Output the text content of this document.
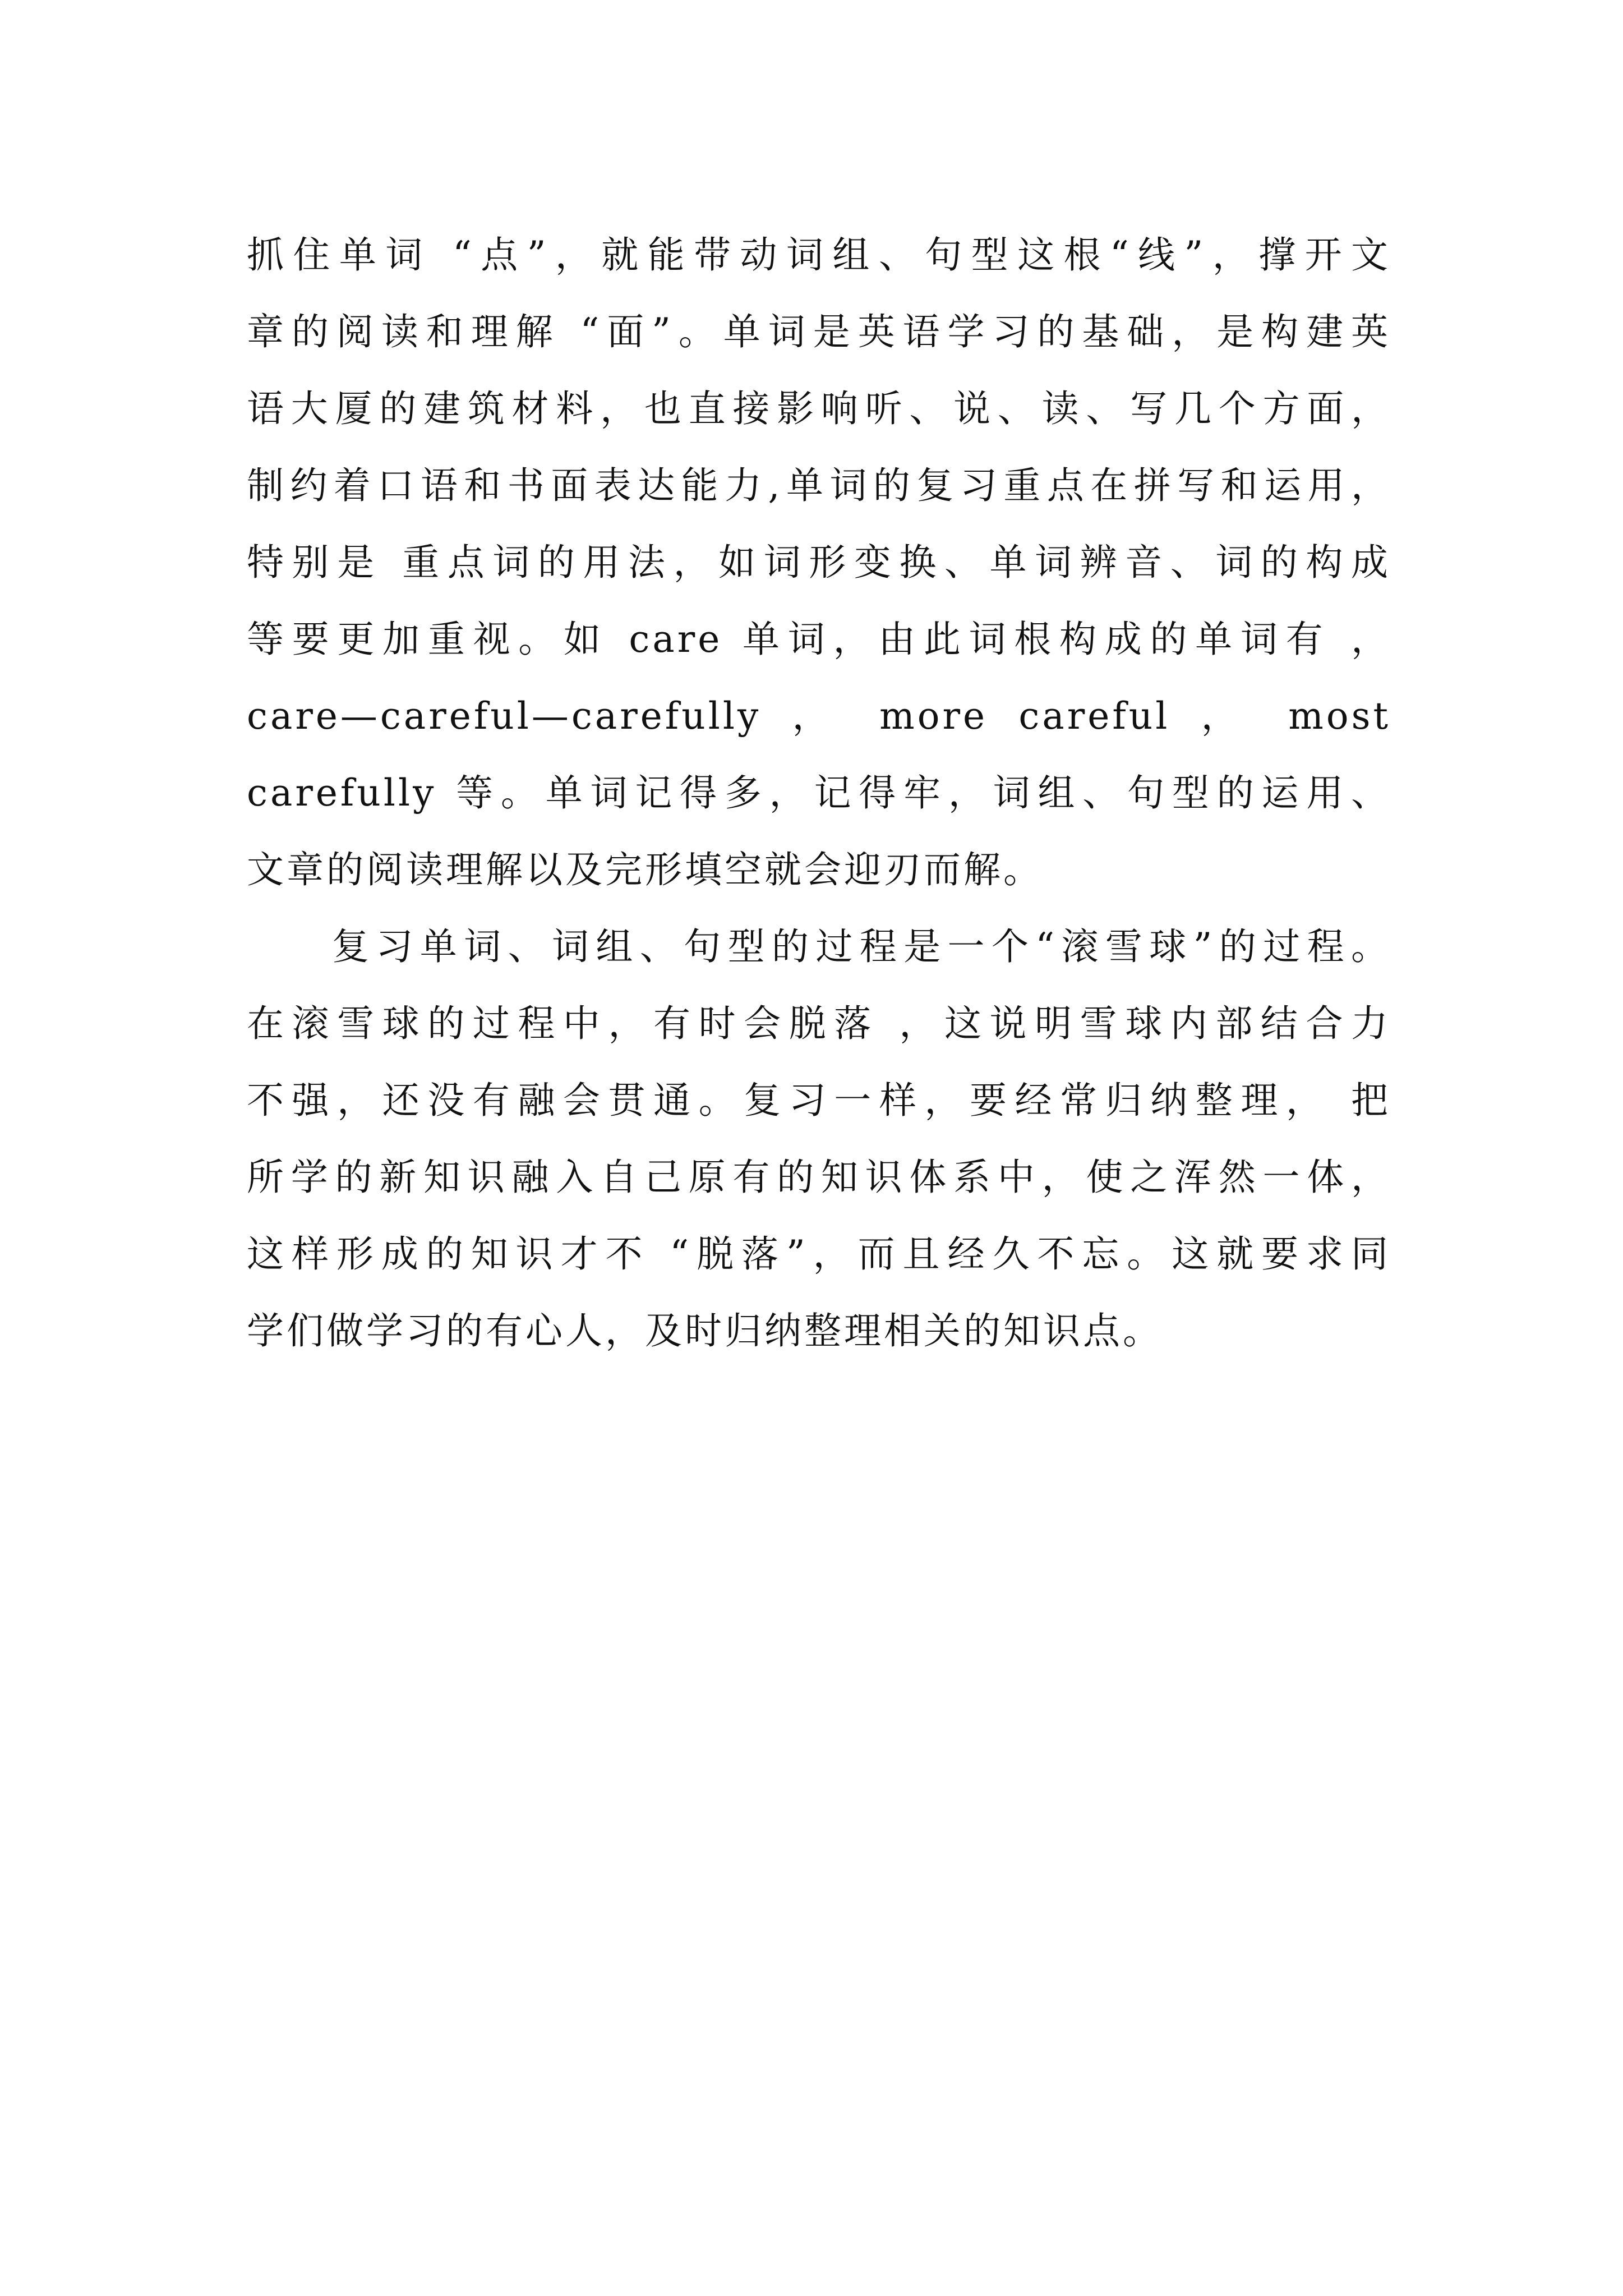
抓住单词 “点”，就能带动词组、句型这根“线”，撑开文
章的阅读和理解 “面”。单词是英语学习的基础，是构建英
语大厦的建筑材料，也直接影响听、说、读、写几个方面，
制约着口语和书面表达能力,单词的复习重点在拼写和运用，
特别是 重点词的用法，如词形变换、单词辨音、词的构成
等要更加重视。如 care 单词，由此词根构成的单词有 ，
care—careful—carefully ， more careful ， most
carefully 等。单词记得多，记得牢，词组、句型的运用、
文章的阅读理解以及完形填空就会迎刃而解。
复习单词、词组、句型的过程是一个“滚雪球”的过程。
在滚雪球的过程中，有时会脱落 ，这说明雪球内部结合力
不强，还没有融会贯通。复习一样，要经常归纳整理， 把
所学的新知识融入自己原有的知识体系中，使之浑然一体，
这样形成的知识才不 “脱落”，而且经久不忘。这就要求同
学们做学习的有心人，及时归纳整理相关的知识点。
